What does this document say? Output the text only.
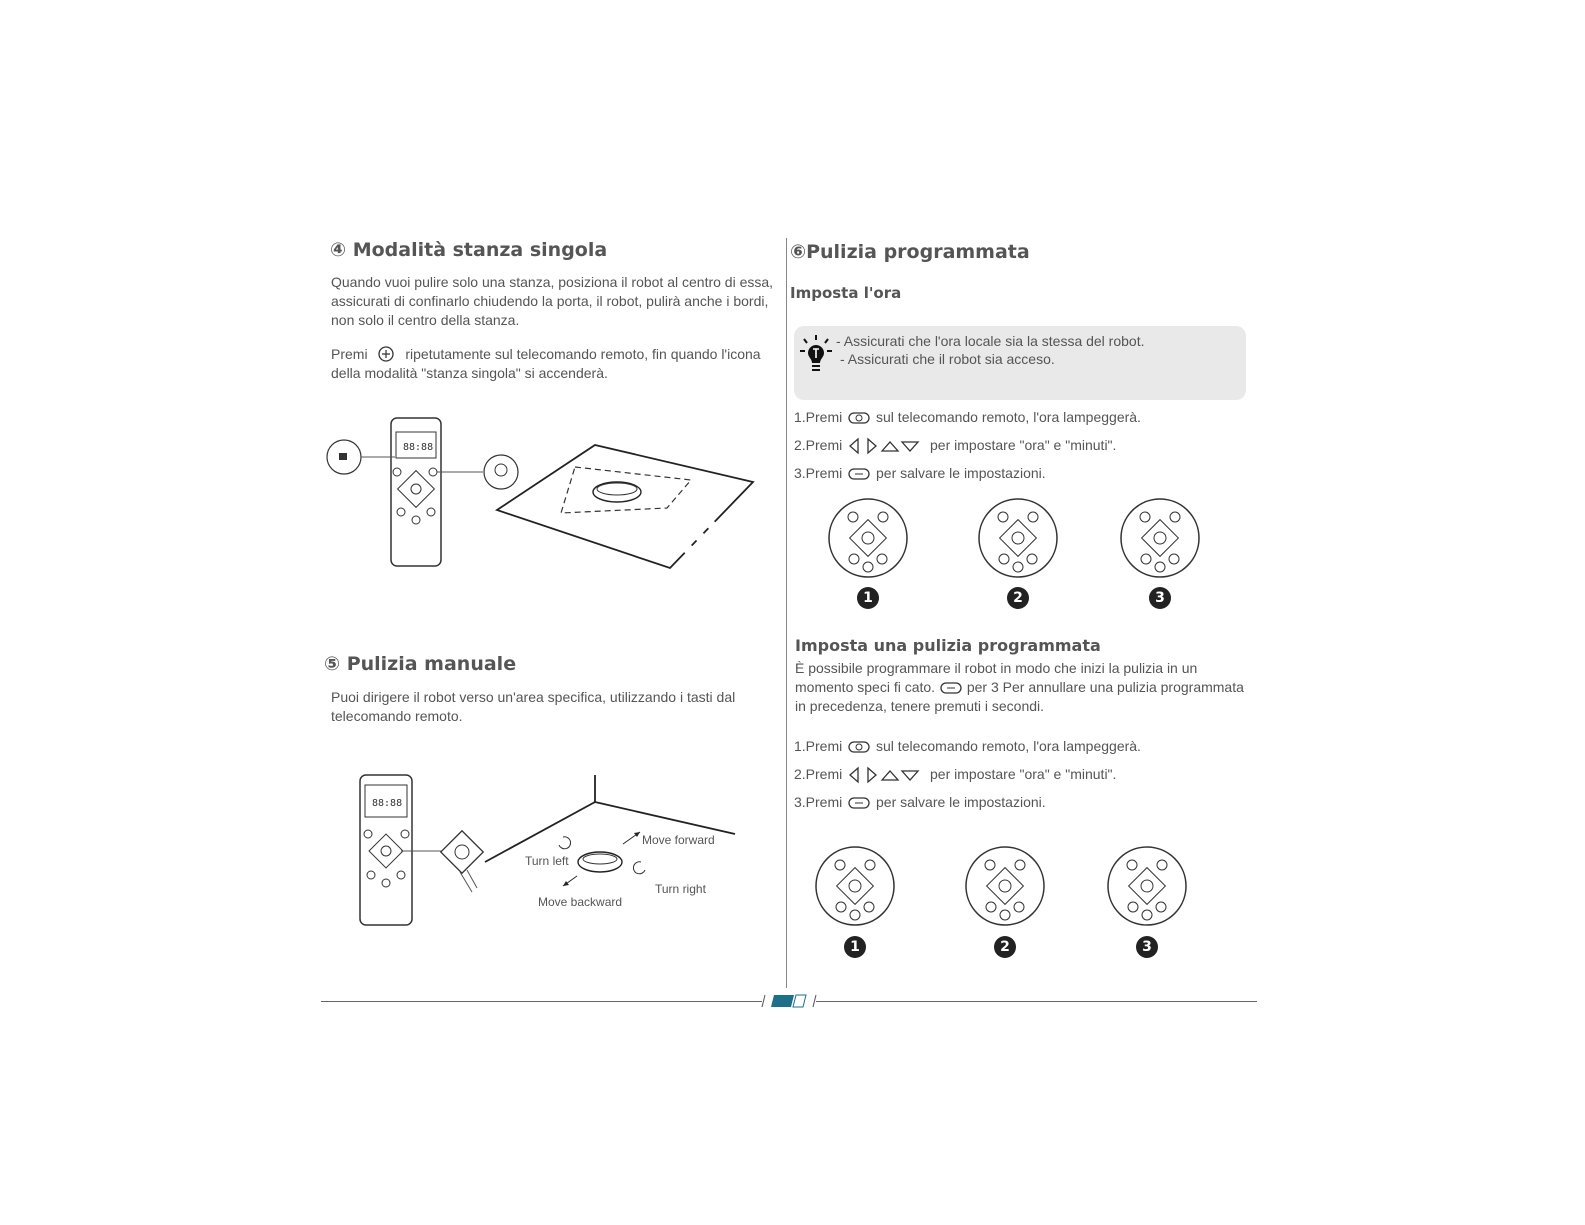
④ Modalità stanza singola
Quando vuoi pulire solo una stanza, posiziona il robot al centro di essa, assicurati di confinarlo chiudendo la porta, il robot, pulirà anche i bordi, non solo il centro della stanza.
Premi	ripetutamente sul telecomando remoto, fin quando l'icona della modalità "stanza singola" si accenderà.
88:88
⑤ Pulizia manuale
Puoi dirigere il robot verso un'area specifica, utilizzando i tasti dal telecomando remoto.
88:88
Move forward
Turn left
Turn right
Move backward
⑥Pulizia programmata
Imposta l'ora
- Assicurati che l'ora locale sia la stessa del robot.
- Assicurati che il robot sia acceso.
1.Premi sul telecomando remoto, l'ora lampeggerà.
2.Premi	per impostare "ora" e "minuti".
3.Premi per salvare le impostazioni.
1	2	3
Imposta una pulizia programmata
È possibile programmare il robot in modo che inizi la pulizia in un momento speci fi cato. per 3 Per annullare una pulizia programmata in precedenza, tenere premuti i secondi.
1.Premi sul telecomando remoto, l'ora lampeggerà.
2.Premi	per impostare "ora" e "minuti".
3.Premi per salvare le impostazioni.
1	2	3
